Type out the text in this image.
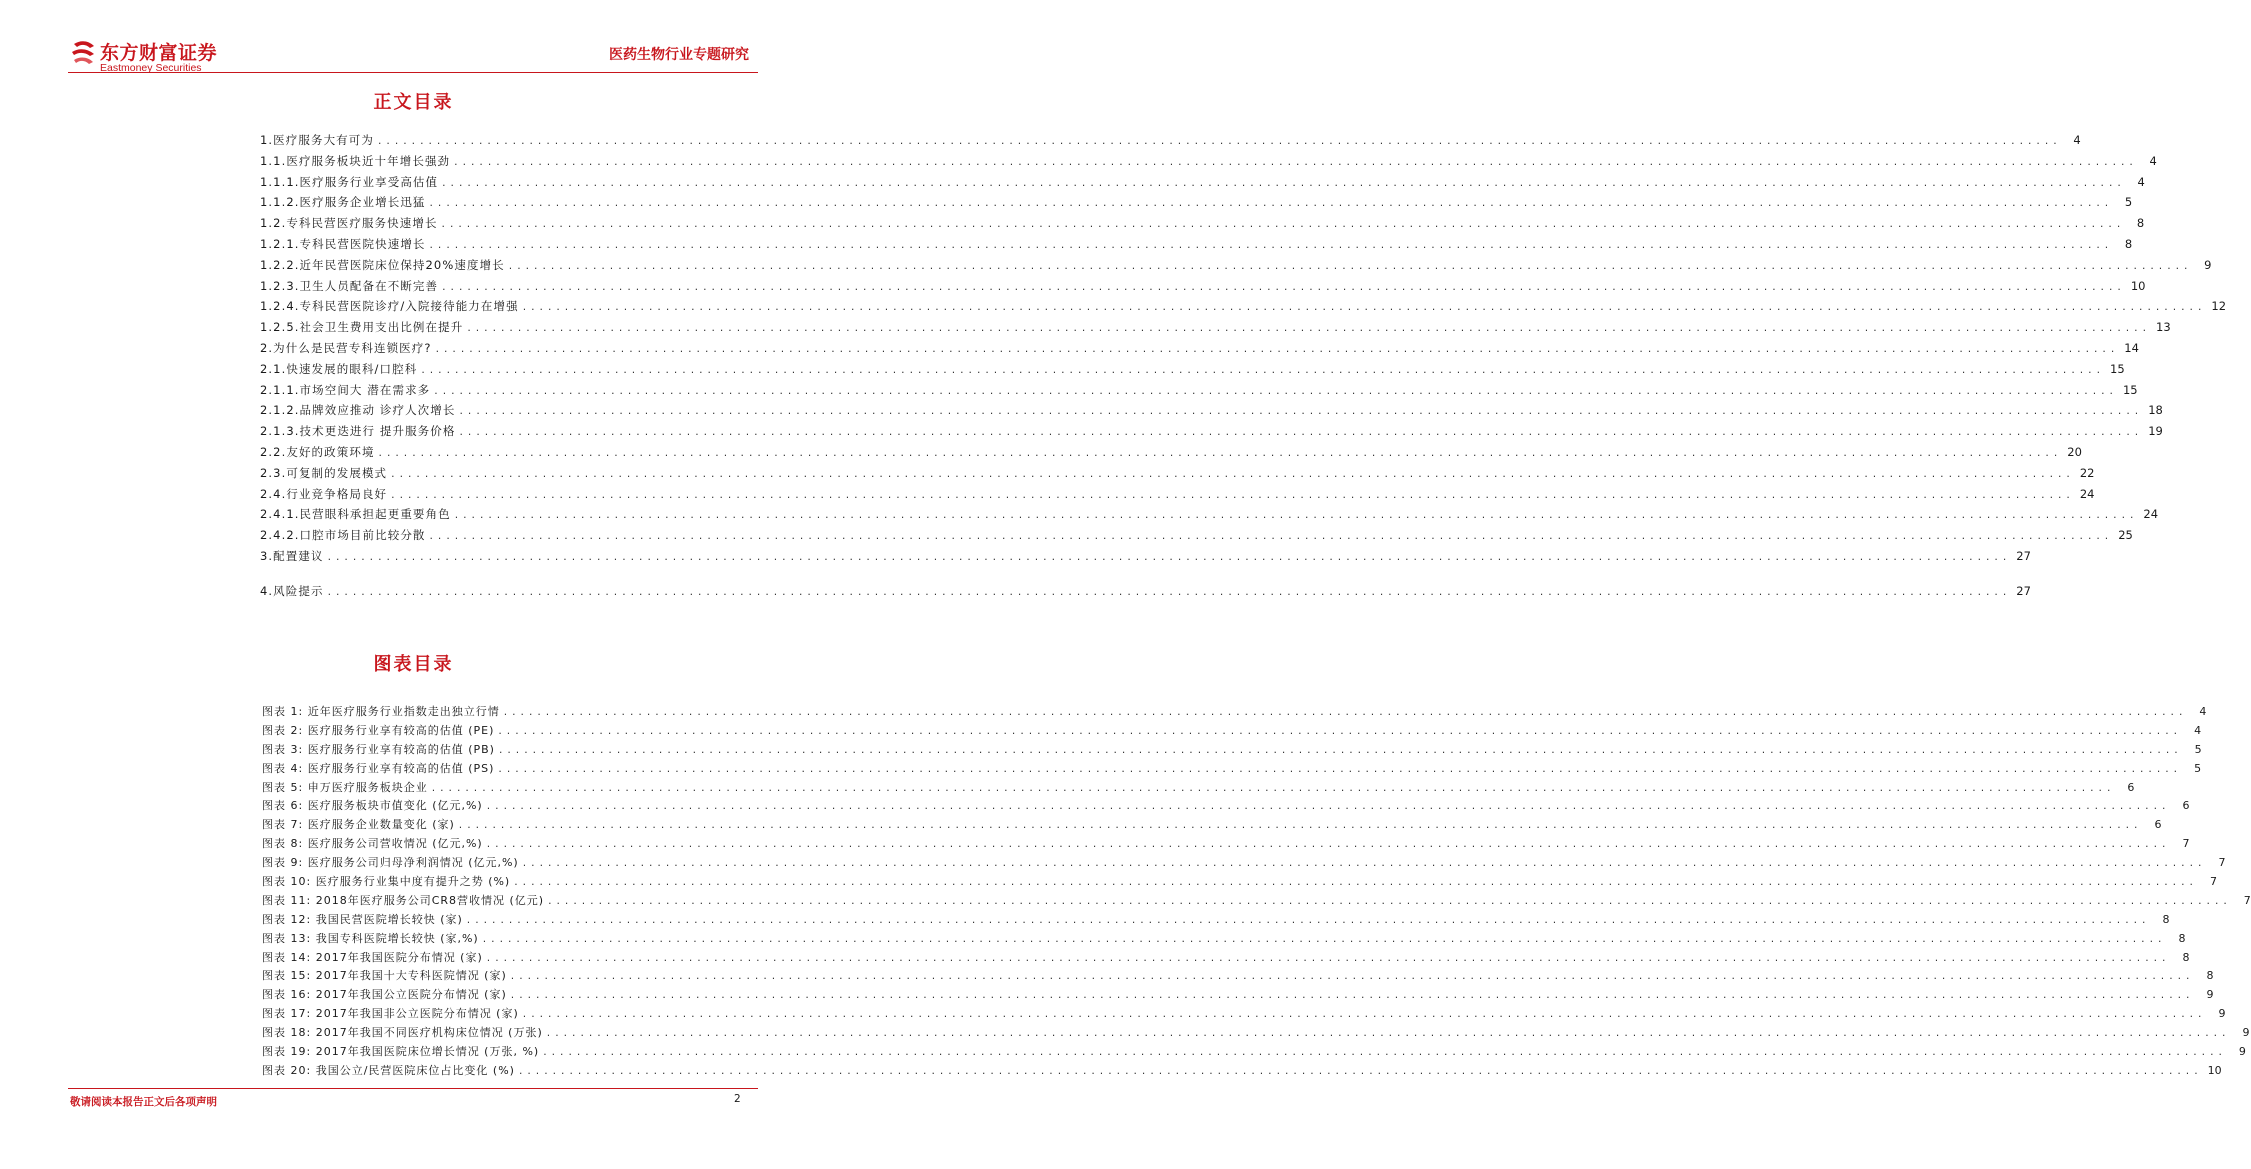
东方财富证券
Eastmoney Securities
医药生物行业专题研究
正文目录
1.医疗服务大有可为 ........................................................................................................................................................................................................	4
1.1.医疗服务板块近十年增长强劲 ........................................................................................................................................................................................................	4
1.1.1.医疗服务行业享受高估值 ........................................................................................................................................................................................................	4
1.1.2.医疗服务企业增长迅猛 ........................................................................................................................................................................................................	5
1.2.专科民营医疗服务快速增长 ........................................................................................................................................................................................................	8
1.2.1.专科民营医院快速增长 ........................................................................................................................................................................................................	8
1.2.2.近年民营医院床位保持20%速度增长 ........................................................................................................................................................................................................	9
1.2.3.卫生人员配备在不断完善 ........................................................................................................................................................................................................ 10
1.2.4.专科民营医院诊疗/入院接待能力在增强 ........................................................................................................................................................................................................ 12
1.2.5.社会卫生费用支出比例在提升 ........................................................................................................................................................................................................ 13
2.为什么是民营专科连锁医疗? ........................................................................................................................................................................................................ 14
2.1.快速发展的眼科/口腔科 ........................................................................................................................................................................................................ 15
2.1.1.市场空间大 潜在需求多 ........................................................................................................................................................................................................ 15
2.1.2.品牌效应推动 诊疗人次增长 ........................................................................................................................................................................................................ 18
2.1.3.技术更迭进行 提升服务价格 ........................................................................................................................................................................................................ 19
2.2.友好的政策环境 ........................................................................................................................................................................................................ 20
2.3.可复制的发展模式 ........................................................................................................................................................................................................ 22
2.4.行业竞争格局良好 ........................................................................................................................................................................................................ 24
2.4.1.民营眼科承担起更重要角色 ........................................................................................................................................................................................................ 24
2.4.2.口腔市场目前比较分散 ........................................................................................................................................................................................................ 25
3.配置建议 ........................................................................................................................................................................................................ 27
4.风险提示 ........................................................................................................................................................................................................ 27
图表目录
图表 1: 近年医疗服务行业指数走出独立行情 ........................................................................................................................................................................................................	4
图表 2: 医疗服务行业享有较高的估值 (PE) ........................................................................................................................................................................................................	4
图表 3: 医疗服务行业享有较高的估值 (PB) ........................................................................................................................................................................................................	5
图表 4: 医疗服务行业享有较高的估值 (PS) ........................................................................................................................................................................................................	5
图表 5: 申万医疗服务板块企业 ........................................................................................................................................................................................................	6
图表 6: 医疗服务板块市值变化 (亿元,%) ........................................................................................................................................................................................................	6
图表 7: 医疗服务企业数量变化 (家) ........................................................................................................................................................................................................	6
图表 8: 医疗服务公司营收情况 (亿元,%) ........................................................................................................................................................................................................	7
图表 9: 医疗服务公司归母净利润情况 (亿元,%) ........................................................................................................................................................................................................	7
图表 10: 医疗服务行业集中度有提升之势 (%) ........................................................................................................................................................................................................	7
图表 11: 2018年医疗服务公司CR8营收情况 (亿元) ........................................................................................................................................................................................................	7
图表 12: 我国民营医院增长较快 (家) ........................................................................................................................................................................................................	8
图表 13: 我国专科医院增长较快 (家,%) ........................................................................................................................................................................................................	8
图表 14: 2017年我国医院分布情况 (家) ........................................................................................................................................................................................................	8
图表 15: 2017年我国十大专科医院情况 (家) ........................................................................................................................................................................................................	8
图表 16: 2017年我国公立医院分布情况 (家) ........................................................................................................................................................................................................	9
图表 17: 2017年我国非公立医院分布情况 (家) ........................................................................................................................................................................................................	9
图表 18: 2017年我国不同医疗机构床位情况 (万张) ........................................................................................................................................................................................................	9
图表 19: 2017年我国医院床位增长情况 (万张, %) ........................................................................................................................................................................................................	9
图表 20: 我国公立/民营医院床位占比变化 (%) ........................................................................................................................................................................................................ 10
敬请阅读本报告正文后各项声明	2
